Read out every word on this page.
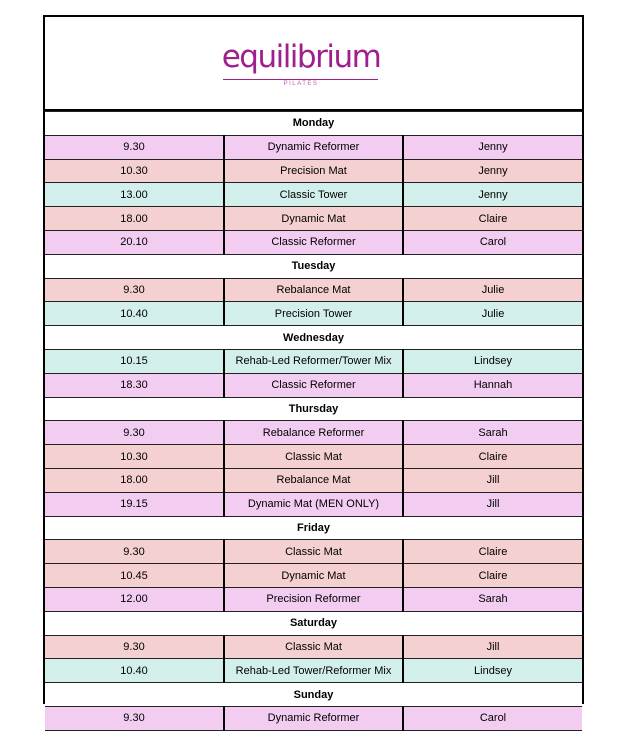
equilibrium
PILATES
Monday		
9.30	Dynamic Reformer	Jenny
10.30	Precision Mat	Jenny
13.00	Classic Tower	Jenny
18.00	Dynamic Mat	Claire
20.10	Classic Reformer	Carol
Tuesday		
9.30	Rebalance Mat	Julie
10.40	Precision Tower	Julie
Wednesday		
10.15	Rehab-Led Reformer/Tower Mix	Lindsey
18.30	Classic Reformer	Hannah
Thursday		
9.30	Rebalance Reformer	Sarah
10.30	Classic Mat	Claire
18.00	Rebalance Mat	Jill
19.15	Dynamic Mat (MEN ONLY)	Jill
Friday		
9.30	Classic Mat	Claire
10.45	Dynamic Mat	Claire
12.00	Precision Reformer	Sarah
Saturday		
9.30	Classic Mat	Jill
10.40	Rehab-Led Tower/Reformer Mix	Lindsey
Sunday		
9.30	Dynamic Reformer	Carol
